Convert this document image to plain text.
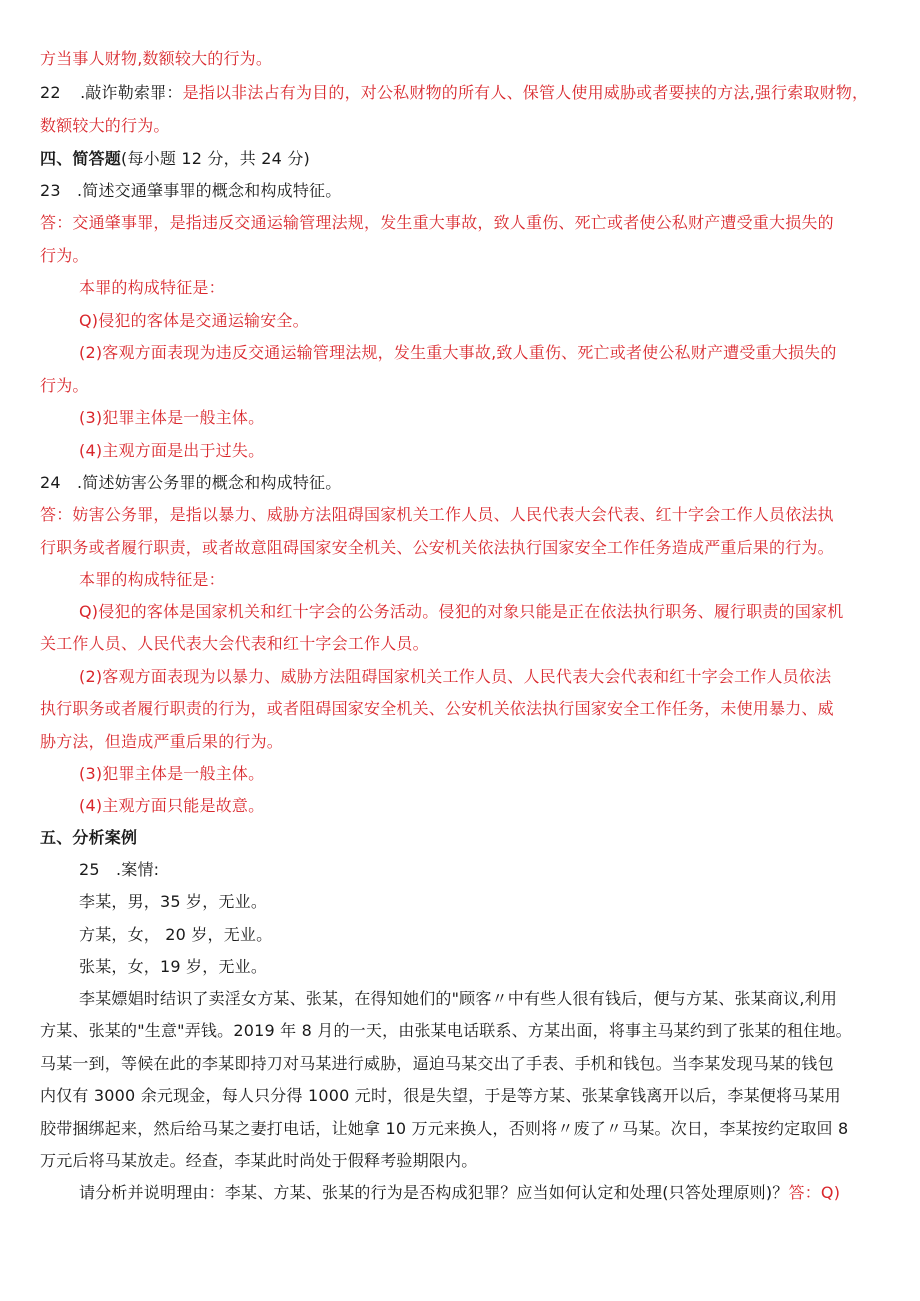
方当事人财物,数额较大的行为。
22 .敲诈勒索罪：是指以非法占有为目的，对公私财物的所有人、保管人使用威胁或者要挟的方法,强行索取财物，
数额较大的行为。
四、简答题(每小题 12 分，共 24 分)
23　.简述交通肇事罪的概念和构成特征。
答：交通肇事罪，是指违反交通运输管理法规，发生重大事故，致人重伤、死亡或者使公私财产遭受重大损失的
行为。
本罪的构成特征是：
Q)侵犯的客体是交通运输安全。
(2)客观方面表现为违反交通运输管理法规，发生重大事故,致人重伤、死亡或者使公私财产遭受重大损失的
行为。
(3)犯罪主体是一般主体。
(4)主观方面是出于过失。
24　.简述妨害公务罪的概念和构成特征。
答：妨害公务罪，是指以暴力、威胁方法阻碍国家机关工作人员、人民代表大会代表、红十字会工作人员依法执
行职务或者履行职责，或者故意阻碍国家安全机关、公安机关依法执行国家安全工作任务造成严重后果的行为。
本罪的构成特征是：
Q)侵犯的客体是国家机关和红十字会的公务活动。侵犯的对象只能是正在依法执行职务、履行职责的国家机
关工作人员、人民代表大会代表和红十字会工作人员。
(2)客观方面表现为以暴力、威胁方法阻碍国家机关工作人员、人民代表大会代表和红十字会工作人员依法
执行职务或者履行职责的行为，或者阻碍国家安全机关、公安机关依法执行国家安全工作任务，未使用暴力、威
胁方法，但造成严重后果的行为。
(3)犯罪主体是一般主体。
(4)主观方面只能是故意。
五、分析案例
25　.案情:
李某，男，35 岁，无业。
方某，女， 20 岁，无业。
张某，女，19 岁，无业。
李某嫖娼时结识了卖淫女方某、张某，在得知她们的"顾客〃中有些人很有钱后，便与方某、张某商议,利用
方某、张某的"生意"弄钱。2019 年 8 月的一天，由张某电话联系、方某出面，将事主马某约到了张某的租住地。
马某一到，等候在此的李某即持刀对马某进行威胁，逼迫马某交出了手表、手机和钱包。当李某发现马某的钱包
内仅有 3000 余元现金，每人只分得 1000 元时，很是失望，于是等方某、张某拿钱离开以后，李某便将马某用
胶带捆绑起来，然后给马某之妻打电话，让她拿 10 万元来换人，否则将〃废了〃马某。次日，李某按约定取回 8
万元后将马某放走。经查，李某此时尚处于假释考验期限内。
请分析并说明理由：李某、方某、张某的行为是否构成犯罪？应当如何认定和处理(只答处理原则)？答：Q)
